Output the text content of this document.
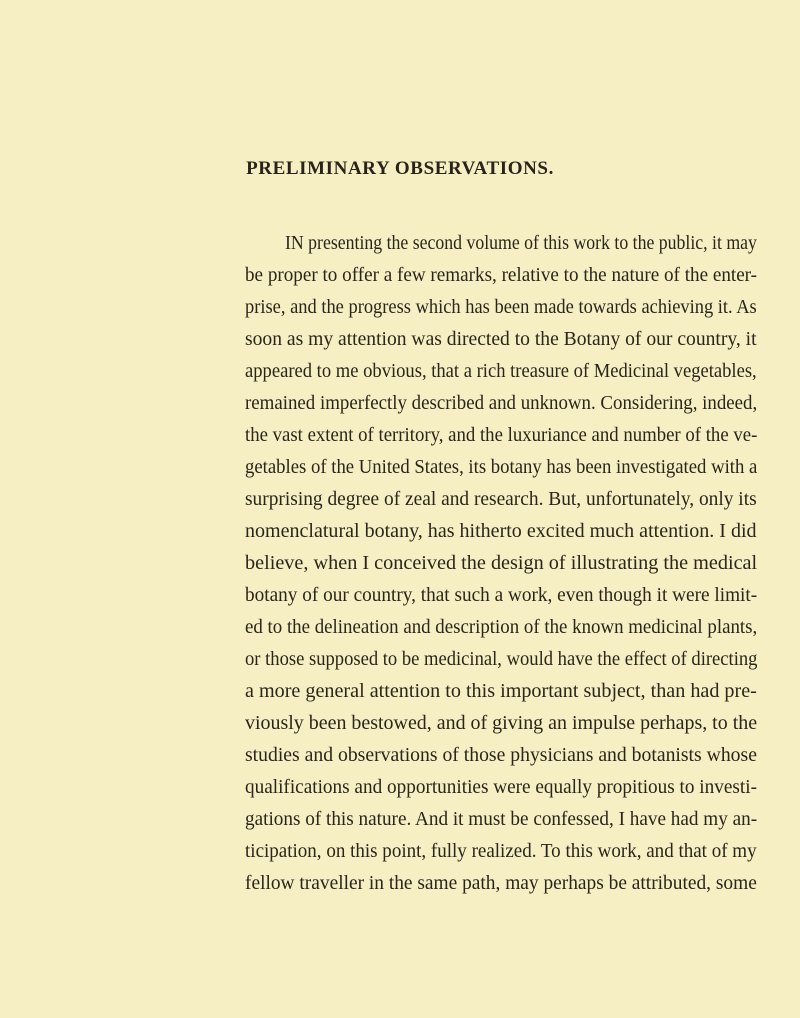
PRELIMINARY OBSERVATIONS.
IN presenting the second volume of this work to the public, it may
be proper to offer a few remarks, relative to the nature of the enter-
prise, and the progress which has been made towards achieving it. As
soon as my attention was directed to the Botany of our country, it
appeared to me obvious, that a rich treasure of Medicinal vegetables,
remained imperfectly described and unknown. Considering, indeed,
the vast extent of territory, and the luxuriance and number of the ve-
getables of the United States, its botany has been investigated with a
surprising degree of zeal and research. But, unfortunately, only its
nomenclatural botany, has hitherto excited much attention. I did
believe, when I conceived the design of illustrating the medical
botany of our country, that such a work, even though it were limit-
ed to the delineation and description of the known medicinal plants,
or those supposed to be medicinal, would have the effect of directing
a more general attention to this important subject, than had pre-
viously been bestowed, and of giving an impulse perhaps, to the
studies and observations of those physicians and botanists whose
qualifications and opportunities were equally propitious to investi-
gations of this nature. And it must be confessed, I have had my an-
ticipation, on this point, fully realized. To this work, and that of my
fellow traveller in the same path, may perhaps be attributed, some
